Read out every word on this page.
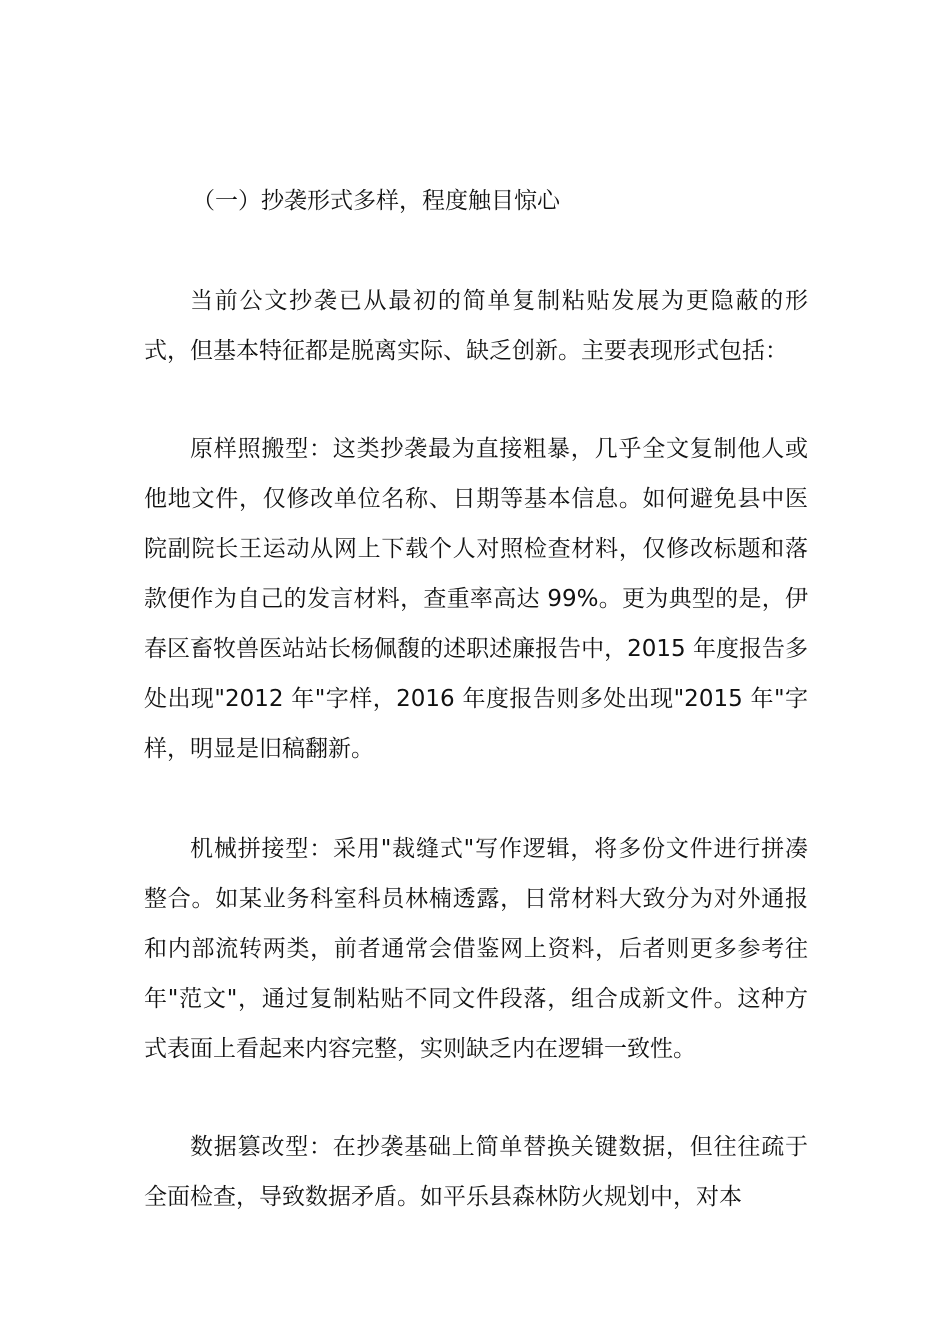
（一）抄袭形式多样，程度触目惊心

当前公文抄袭已从最初的简单复制粘贴发展为更隐蔽的形式，但基本特征都是脱离实际、缺乏创新。主要表现形式包括：

原样照搬型：这类抄袭最为直接粗暴，几乎全文复制他人或他地文件，仅修改单位名称、日期等基本信息。如何避免县中医院副院长王运动从网上下载个人对照检查材料，仅修改标题和落款便作为自己的发言材料，查重率高达 99%。更为典型的是，伊春区畜牧兽医站站长杨佩馥的述职述廉报告中，2015 年度报告多处出现"2012 年"字样，2016 年度报告则多处出现"2015 年"字样，明显是旧稿翻新。

机械拼接型：采用"裁缝式"写作逻辑，将多份文件进行拼凑整合。如某业务科室科员林楠透露，日常材料大致分为对外通报和内部流转两类，前者通常会借鉴网上资料，后者则更多参考往年"范文"，通过复制粘贴不同文件段落，组合成新文件。这种方式表面上看起来内容完整，实则缺乏内在逻辑一致性。

数据篡改型：在抄袭基础上简单替换关键数据，但往往疏于全面检查，导致数据矛盾。如平乐县森林防火规划中，对本
